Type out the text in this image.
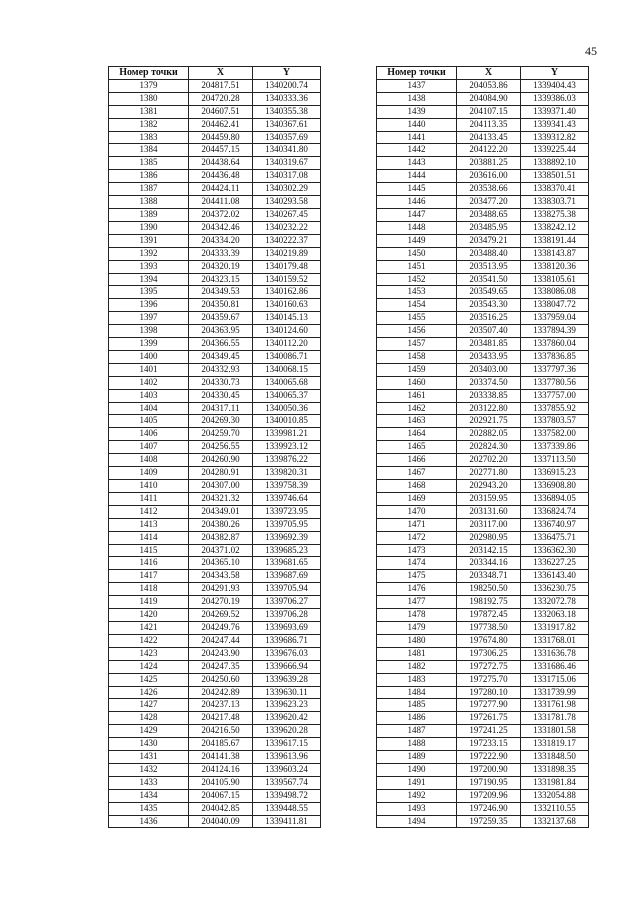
45
Номер точки	X	Y
1379	204817.51	1340200.74
1380	204720.28	1340333.36
1381	204607.51	1340355.38
1382	204462.41	1340367.61
1383	204459.80	1340357.69
1384	204457.15	1340341.80
1385	204438.64	1340319.67
1386	204436.48	1340317.08
1387	204424.11	1340302.29
1388	204411.08	1340293.58
1389	204372.02	1340267.45
1390	204342.46	1340232.22
1391	204334.20	1340222.37
1392	204333.39	1340219.89
1393	204320.19	1340179.48
1394	204323.15	1340159.52
1395	204349.53	1340162.86
1396	204350.81	1340160.63
1397	204359.67	1340145.13
1398	204363.95	1340124.60
1399	204366.55	1340112.20
1400	204349.45	1340086.71
1401	204332.93	1340068.15
1402	204330.73	1340065.68
1403	204330.45	1340065.37
1404	204317.11	1340050.36
1405	204269.30	1340010.85
1406	204259.70	1339981.21
1407	204256.55	1339923.12
1408	204260.90	1339876.22
1409	204280.91	1339820.31
1410	204307.00	1339758.39
1411	204321.32	1339746.64
1412	204349.01	1339723.95
1413	204380.26	1339705.95
1414	204382.87	1339692.39
1415	204371.02	1339685.23
1416	204365.10	1339681.65
1417	204343.58	1339687.69
1418	204291.93	1339705.94
1419	204270.19	1339706.27
1420	204269.52	1339706.28
1421	204249.76	1339693.69
1422	204247.44	1339686.71
1423	204243.90	1339676.03
1424	204247.35	1339666.94
1425	204250.60	1339639.28
1426	204242.89	1339630.11
1427	204237.13	1339623.23
1428	204217.48	1339620.42
1429	204216.50	1339620.28
1430	204185.67	1339617.15
1431	204141.38	1339613.96
1432	204124.16	1339603.24
1433	204105.90	1339567.74
1434	204067.15	1339498.72
1435	204042.85	1339448.55
1436	204040.09	1339411.81
Номер точки	X	Y
1437	204053.86	1339404.43
1438	204084.90	1339386.03
1439	204107.15	1339371.40
1440	204113.35	1339341.43
1441	204133.45	1339312.82
1442	204122.20	1339225.44
1443	203881.25	1338892.10
1444	203616.00	1338501.51
1445	203538.66	1338370.41
1446	203477.20	1338303.71
1447	203488.65	1338275.38
1448	203485.95	1338242.12
1449	203479.21	1338191.44
1450	203488.40	1338143.87
1451	203513.95	1338120.36
1452	203541.50	1338105.61
1453	203549.65	1338086.08
1454	203543.30	1338047.72
1455	203516.25	1337959.04
1456	203507.40	1337894.39
1457	203481.85	1337860.04
1458	203433.95	1337836.85
1459	203403.00	1337797.36
1460	203374.50	1337780.56
1461	203338.85	1337757.00
1462	203122.80	1337855.92
1463	202921.75	1337803.57
1464	202882.05	1337582.00
1465	202824.30	1337339.86
1466	202702.20	1337113.50
1467	202771.80	1336915.23
1468	202943.20	1336908.80
1469	203159.95	1336894.05
1470	203131.60	1336824.74
1471	203117.00	1336740.97
1472	202980.95	1336475.71
1473	203142.15	1336362.30
1474	203344.16	1336227.25
1475	203348.71	1336143.40
1476	198250.50	1336230.75
1477	198192.75	1332072.78
1478	197872.45	1332063.18
1479	197738.50	1331917.82
1480	197674.80	1331768.01
1481	197306.25	1331636.78
1482	197272.75	1331686.46
1483	197275.70	1331715.06
1484	197280.10	1331739.99
1485	197277.90	1331761.98
1486	197261.75	1331781.78
1487	197241.25	1331801.58
1488	197233.15	1331819.17
1489	197222.90	1331848.50
1490	197200.90	1331898.35
1491	197190.95	1331981.84
1492	197209.96	1332054.88
1493	197246.90	1332110.55
1494	197259.35	1332137.68
